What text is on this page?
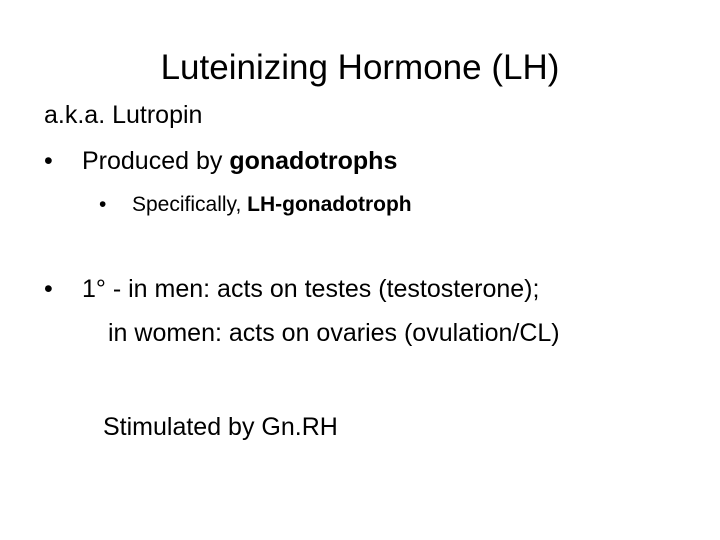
Luteinizing Hormone (LH)
a.k.a. Lutropin
•	Produced by gonadotrophs
•	Specifically, LH-gonadotroph
•	1° - in men: acts on testes (testosterone);
in women: acts on ovaries (ovulation/CL)
Stimulated by Gn.RH
